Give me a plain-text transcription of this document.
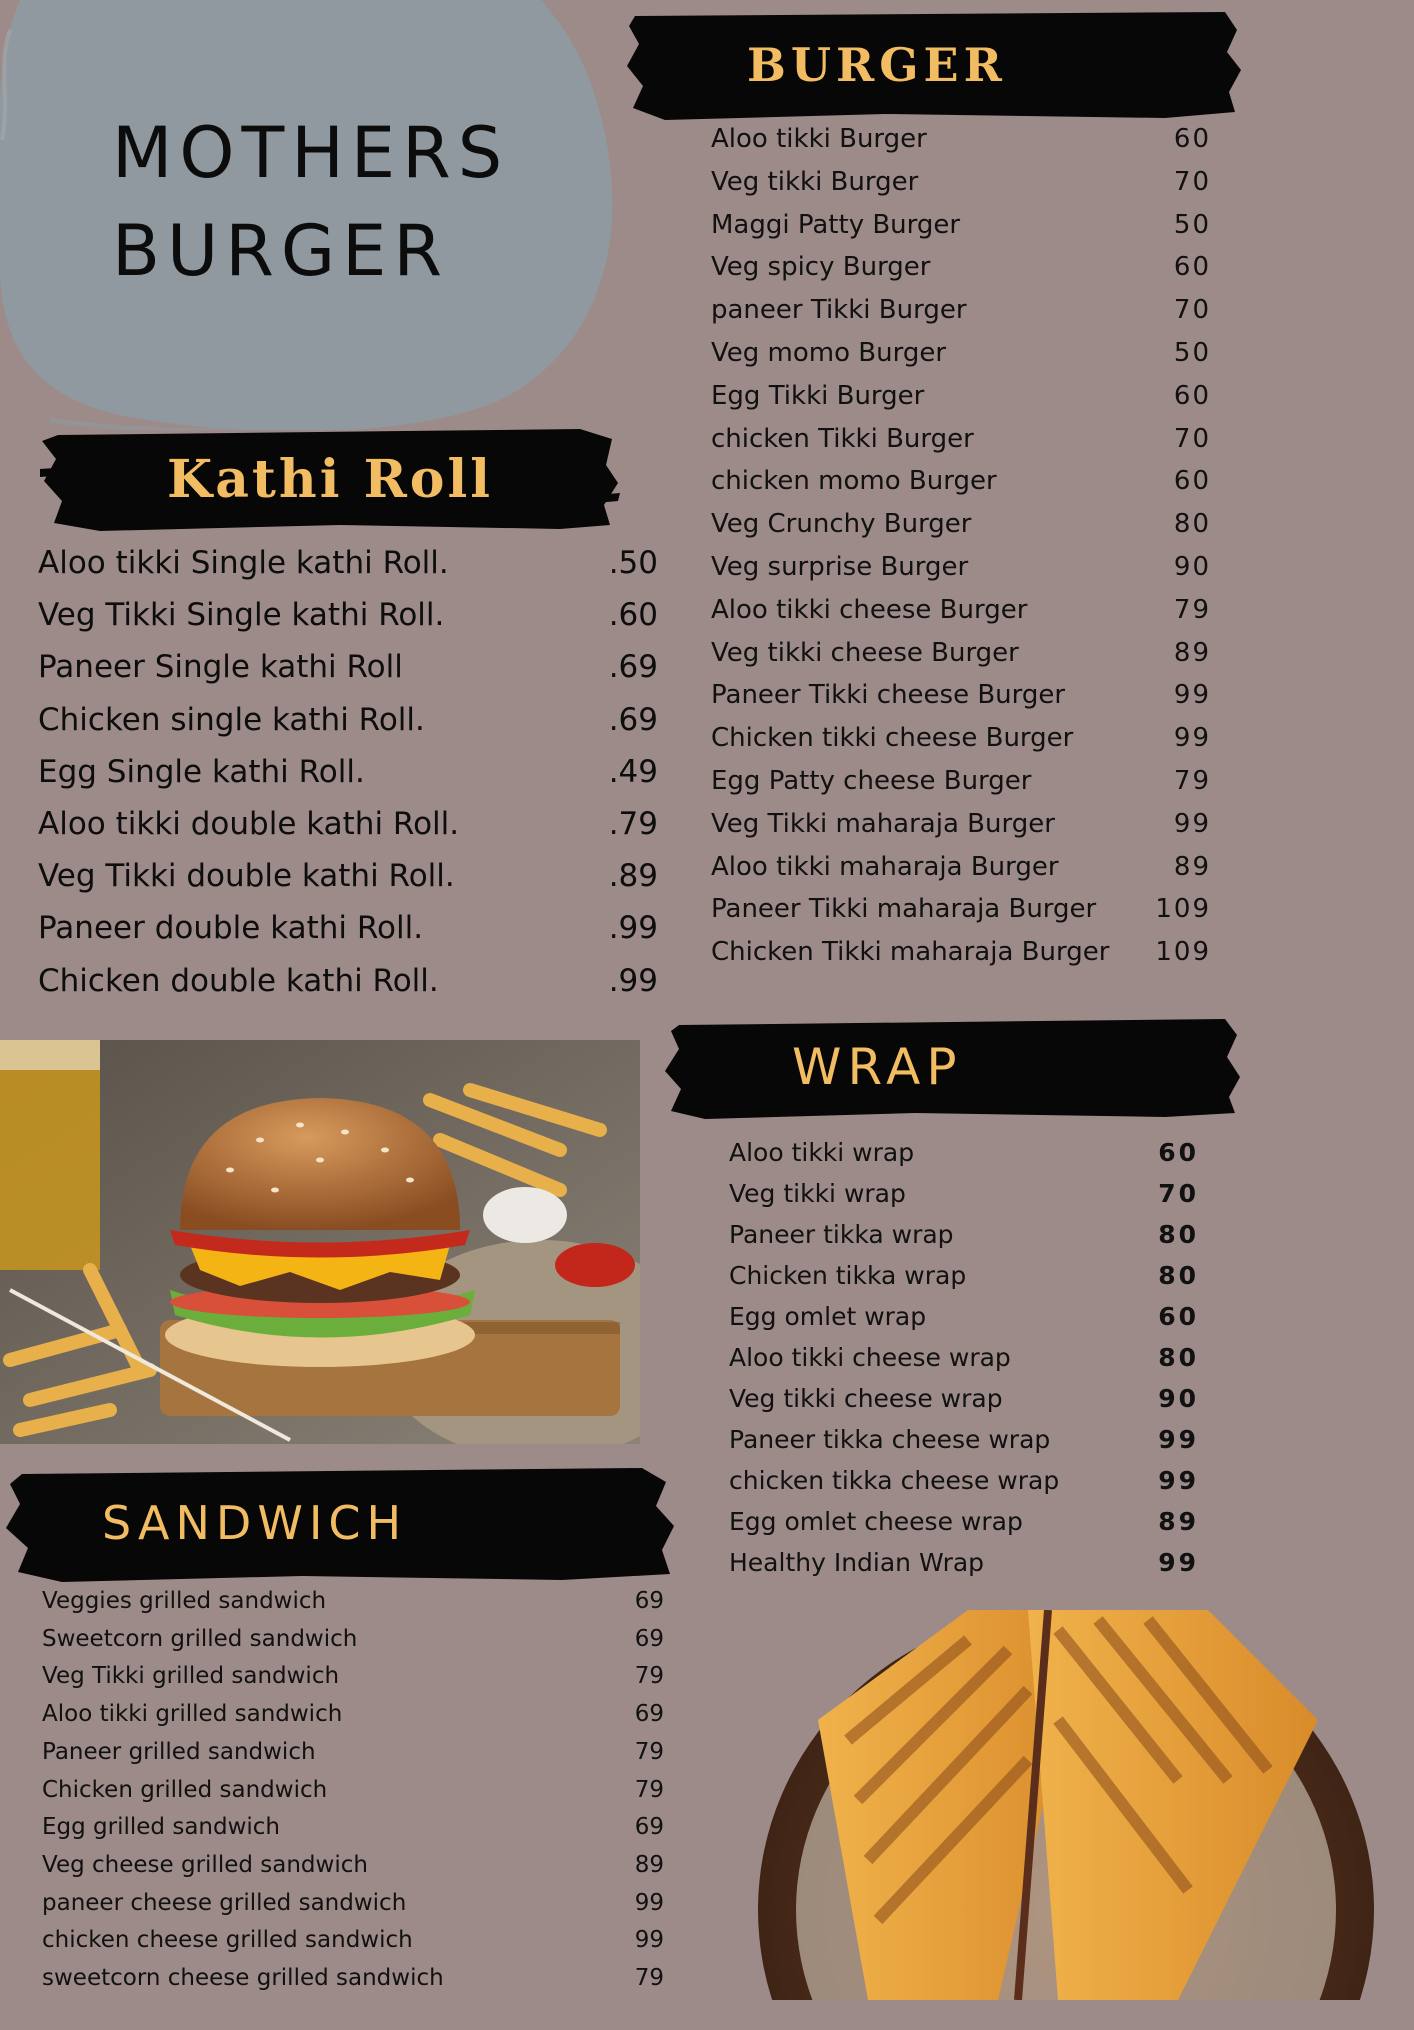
MOTHERS
BURGER
Kathi Roll
Aloo tikki Single kathi Roll.	.50
Veg Tikki Single kathi Roll.	.60
Paneer Single kathi Roll	.69
Chicken single kathi Roll.	.69
Egg Single kathi Roll.	.49
Aloo tikki double kathi Roll.	.79
Veg Tikki double kathi Roll.	.89
Paneer double kathi Roll.	.99
Chicken double kathi Roll.	.99
BURGER
Aloo tikki Burger	60
Veg tikki Burger	70
Maggi Patty Burger	50
Veg spicy Burger	60
paneer Tikki Burger	70
Veg momo Burger	50
Egg Tikki Burger	60
chicken Tikki Burger	70
chicken momo Burger	60
Veg Crunchy Burger	80
Veg surprise Burger	90
Aloo tikki cheese Burger	79
Veg tikki cheese Burger	89
Paneer Tikki cheese Burger	99
Chicken tikki cheese Burger	99
Egg Patty cheese Burger	79
Veg Tikki maharaja Burger	99
Aloo tikki maharaja Burger	89
Paneer Tikki maharaja Burger 109
Chicken Tikki maharaja Burger 109
WRAP
Aloo tikki wrap	60
Veg tikki wrap	70
Paneer tikka wrap	80
Chicken tikka wrap	80
Egg omlet wrap	60
Aloo tikki cheese wrap	80
Veg tikki cheese wrap	90
Paneer tikka cheese wrap	99
chicken tikka cheese wrap	99
Egg omlet cheese wrap	89
Healthy Indian Wrap	99
SANDWICH
Veggies grilled sandwich	69
Sweetcorn grilled sandwich	69
Veg Tikki grilled sandwich	79
Aloo tikki grilled sandwich	69
Paneer grilled sandwich	79
Chicken grilled sandwich	79
Egg grilled sandwich	69
Veg cheese grilled sandwich	89
paneer cheese grilled sandwich	99
chicken cheese grilled sandwich	99
sweetcorn cheese grilled sandwich	79
